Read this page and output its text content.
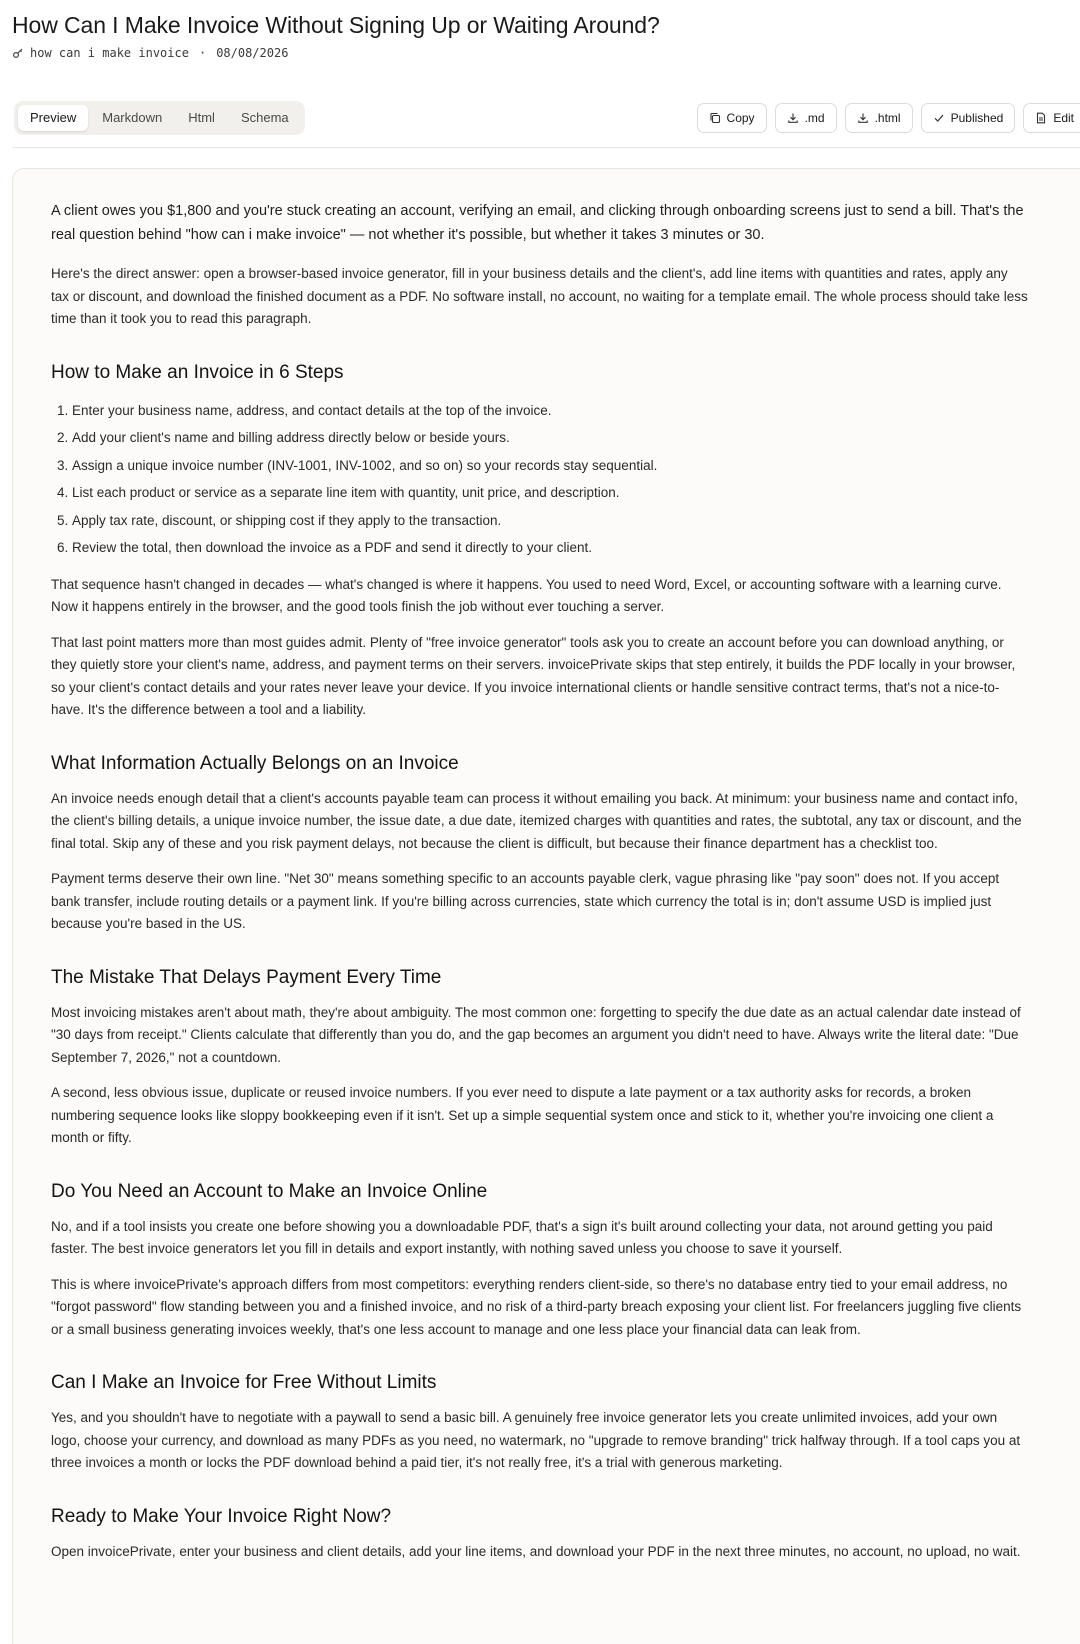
How Can I Make Invoice Without Signing Up or Waiting Around?
how can i make invoice · 08/08/2026
Preview	Markdown	Html	Schema	Copy	.md	.html	Published	Edit

A client owes you $1,800 and you're stuck creating an account, verifying an email, and clicking through onboarding screens just to send a bill. That's the real question behind "how can i make invoice" — not whether it's possible, but whether it takes 3 minutes or 30.

Here's the direct answer: open a browser-based invoice generator, fill in your business details and the client's, add line items with quantities and rates, apply any tax or discount, and download the finished document as a PDF. No software install, no account, no waiting for a template email. The whole process should take less time than it took you to read this paragraph.

How to Make an Invoice in 6 Steps
1. Enter your business name, address, and contact details at the top of the invoice.
2. Add your client's name and billing address directly below or beside yours.
3. Assign a unique invoice number (INV-1001, INV-1002, and so on) so your records stay sequential.
4. List each product or service as a separate line item with quantity, unit price, and description.
5. Apply tax rate, discount, or shipping cost if they apply to the transaction.
6. Review the total, then download the invoice as a PDF and send it directly to your client.

That sequence hasn't changed in decades — what's changed is where it happens. You used to need Word, Excel, or accounting software with a learning curve. Now it happens entirely in the browser, and the good tools finish the job without ever touching a server.

That last point matters more than most guides admit. Plenty of "free invoice generator" tools ask you to create an account before you can download anything, or they quietly store your client's name, address, and payment terms on their servers. invoicePrivate skips that step entirely, it builds the PDF locally in your browser, so your client's contact details and your rates never leave your device. If you invoice international clients or handle sensitive contract terms, that's not a nice-to-have. It's the difference between a tool and a liability.

What Information Actually Belongs on an Invoice

An invoice needs enough detail that a client's accounts payable team can process it without emailing you back. At minimum: your business name and contact info, the client's billing details, a unique invoice number, the issue date, a due date, itemized charges with quantities and rates, the subtotal, any tax or discount, and the final total. Skip any of these and you risk payment delays, not because the client is difficult, but because their finance department has a checklist too.

Payment terms deserve their own line. "Net 30" means something specific to an accounts payable clerk, vague phrasing like "pay soon" does not. If you accept bank transfer, include routing details or a payment link. If you're billing across currencies, state which currency the total is in; don't assume USD is implied just because you're based in the US.

The Mistake That Delays Payment Every Time

Most invoicing mistakes aren't about math, they're about ambiguity. The most common one: forgetting to specify the due date as an actual calendar date instead of "30 days from receipt." Clients calculate that differently than you do, and the gap becomes an argument you didn't need to have. Always write the literal date: "Due September 7, 2026," not a countdown.

A second, less obvious issue, duplicate or reused invoice numbers. If you ever need to dispute a late payment or a tax authority asks for records, a broken numbering sequence looks like sloppy bookkeeping even if it isn't. Set up a simple sequential system once and stick to it, whether you're invoicing one client a month or fifty.

Do You Need an Account to Make an Invoice Online

No, and if a tool insists you create one before showing you a downloadable PDF, that's a sign it's built around collecting your data, not around getting you paid faster. The best invoice generators let you fill in details and export instantly, with nothing saved unless you choose to save it yourself.

This is where invoicePrivate's approach differs from most competitors: everything renders client-side, so there's no database entry tied to your email address, no "forgot password" flow standing between you and a finished invoice, and no risk of a third-party breach exposing your client list. For freelancers juggling five clients or a small business generating invoices weekly, that's one less account to manage and one less place your financial data can leak from.

Can I Make an Invoice for Free Without Limits

Yes, and you shouldn't have to negotiate with a paywall to send a basic bill. A genuinely free invoice generator lets you create unlimited invoices, add your own logo, choose your currency, and download as many PDFs as you need, no watermark, no "upgrade to remove branding" trick halfway through. If a tool caps you at three invoices a month or locks the PDF download behind a paid tier, it's not really free, it's a trial with generous marketing.

Ready to Make Your Invoice Right Now?

Open invoicePrivate, enter your business and client details, add your line items, and download your PDF in the next three minutes, no account, no upload, no wait.
